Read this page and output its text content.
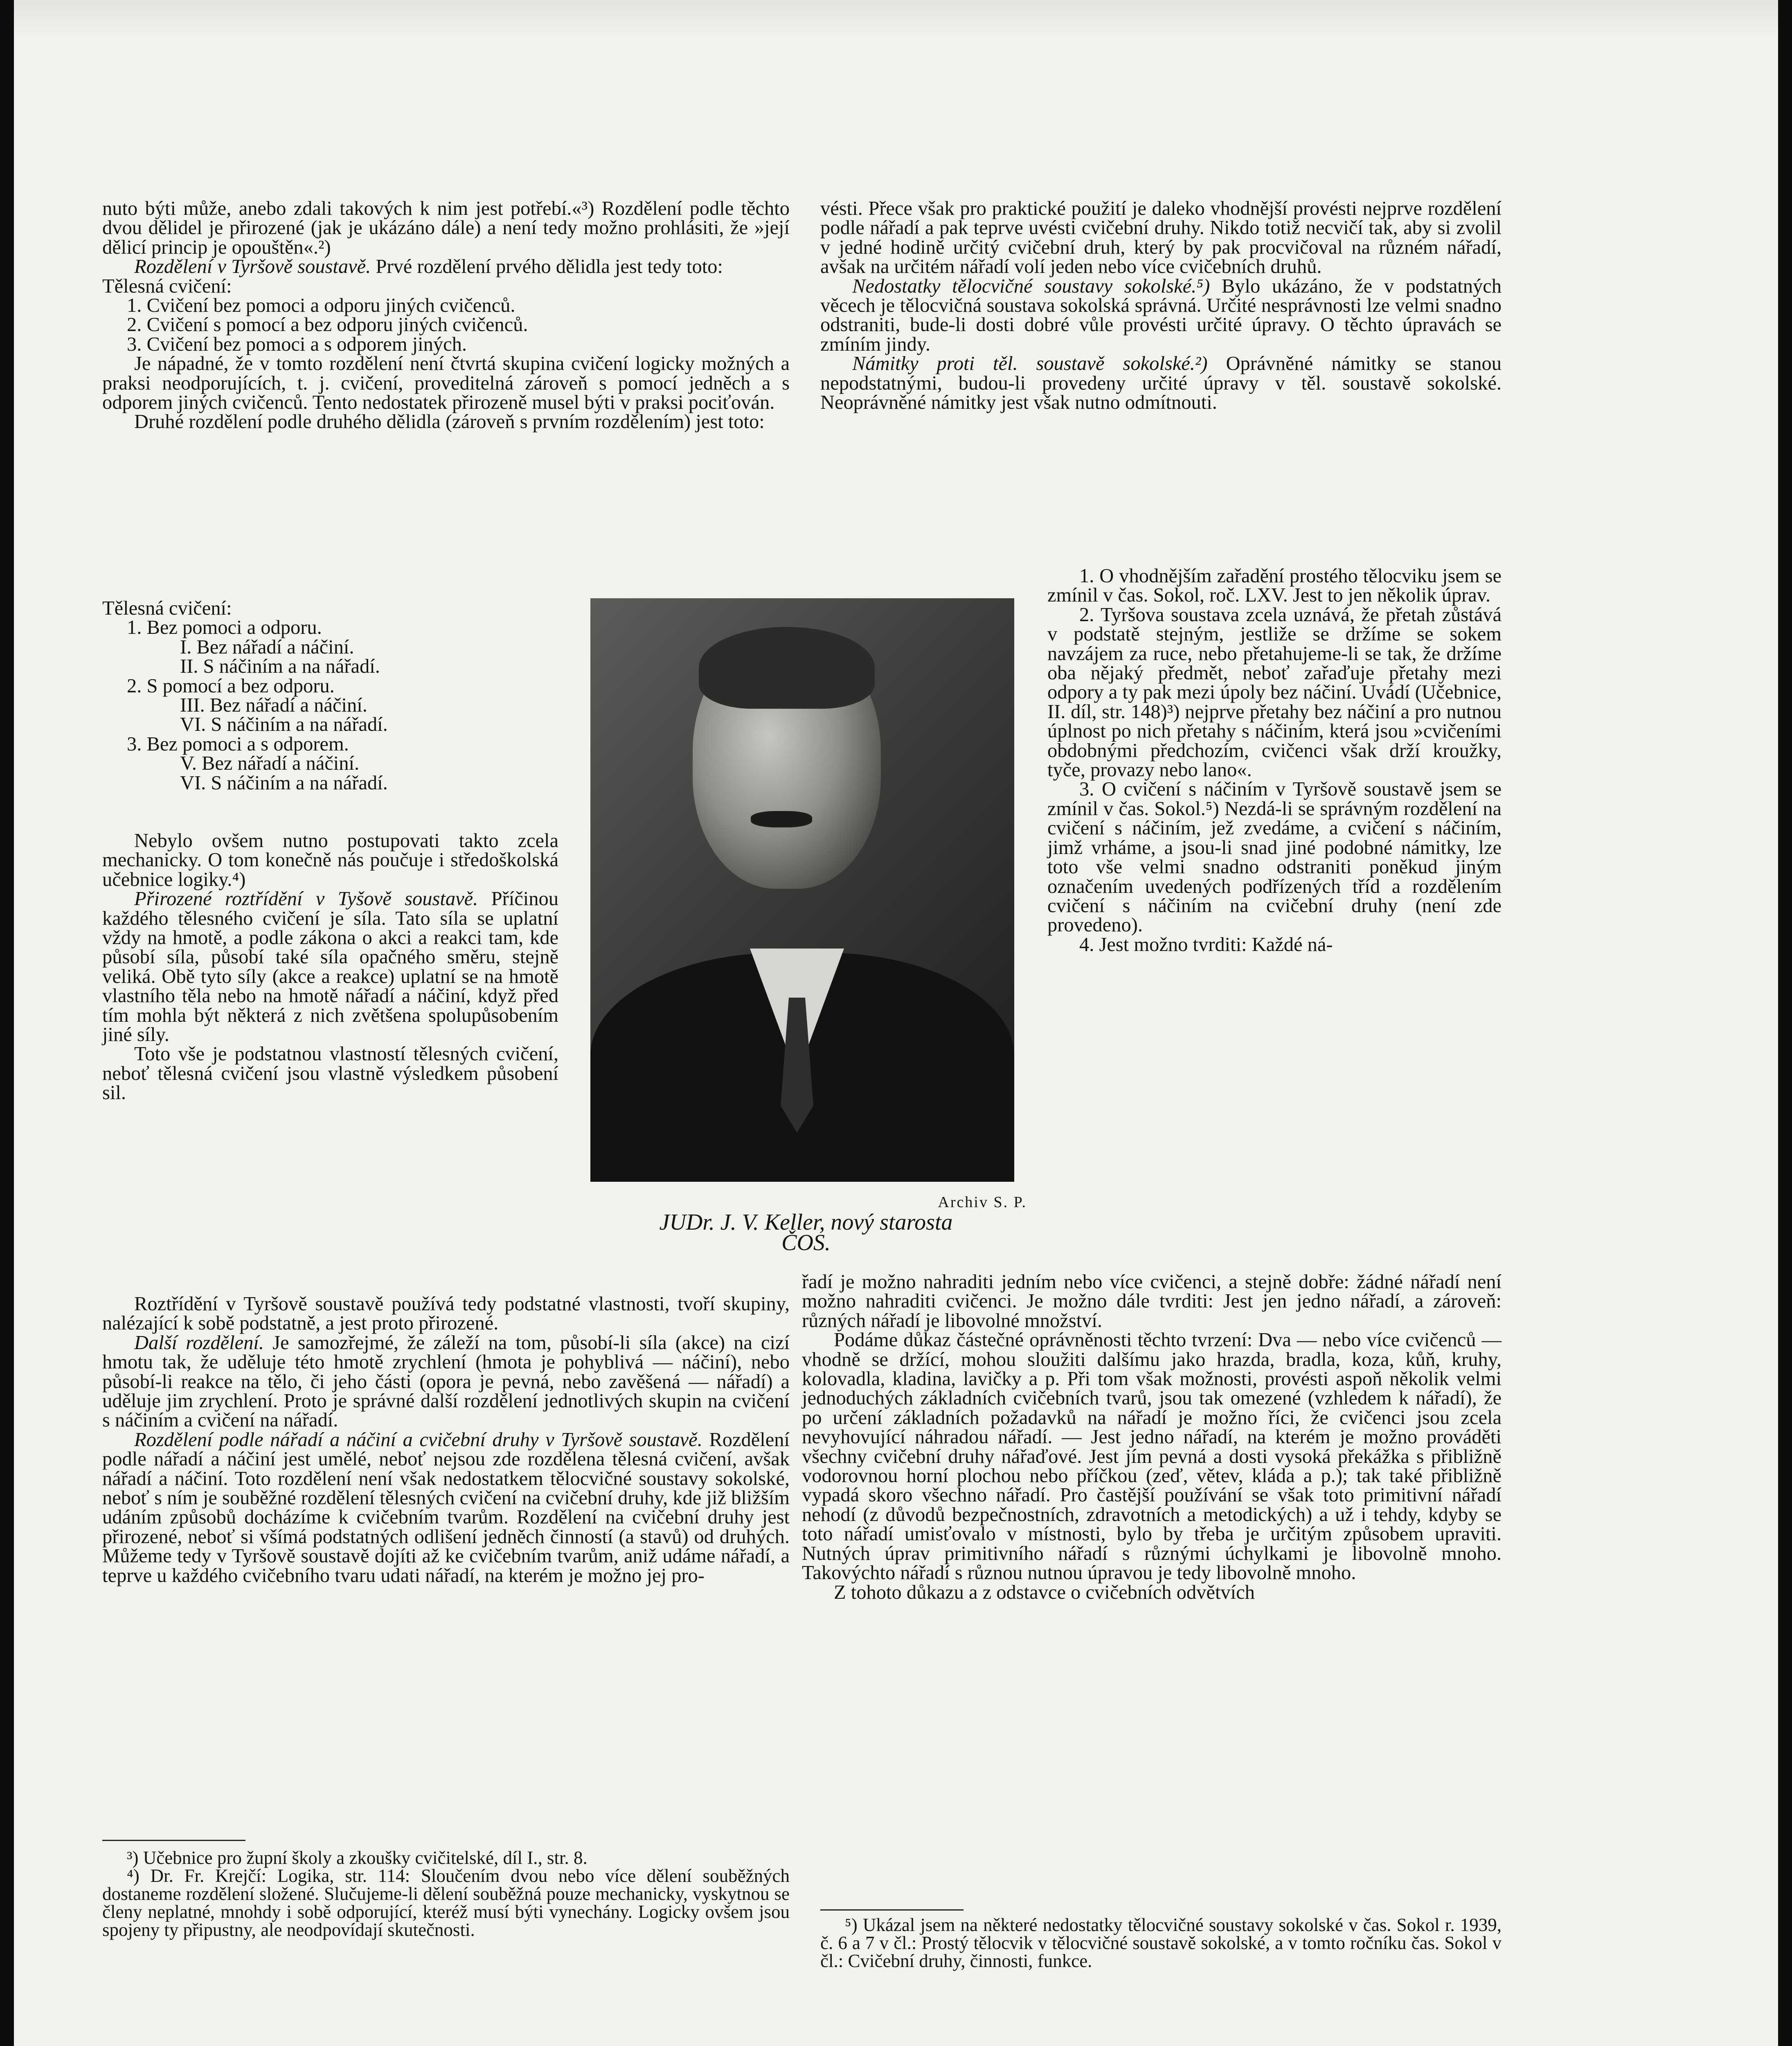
nuto býti může, anebo zdali takových k nim jest potřebí.«³) Rozdělení podle těchto dvou dělidel je přirozené (jak je ukázáno dále) a není tedy možno prohlásiti, že »její dělicí princip je opouštěn«.²)

Rozdělení v Tyršově soustavě. Prvé rozdělení prvého dělidla jest tedy toto:

Tělesná cvičení:

1. Cvičení bez pomoci a odporu jiných cvičenců.

2. Cvičení s pomocí a bez odporu jiných cvičenců.

3. Cvičení bez pomoci a s odporem jiných.

Je nápadné, že v tomto rozdělení není čtvrtá skupina cvičení logicky možných a praksi neodporujících, t. j. cvičení, proveditelná zároveň s pomocí jedněch a s odporem jiných cvičenců. Tento nedostatek přirozeně musel býti v praksi pociťován.

Druhé rozdělení podle druhého dělidla (zároveň s prvním rozdělením) jest toto:

Tělesná cvičení:

1. Bez pomoci a odporu.

I. Bez nářadí a náčiní.

II. S náčiním a na nářadí.

2. S pomocí a bez odporu.

III. Bez nářadí a náčiní.

VI. S náčiním a na nářadí.

3. Bez pomoci a s odporem.

V. Bez nářadí a náčiní.

VI. S náčiním a na nářadí.

Nebylo ovšem nutno postupovati takto zcela mechanicky. O tom konečně nás poučuje i středoškolská učebnice logiky.⁴)

Přirozené roztřídění v Tyšově soustavě. Příčinou každého tělesného cvičení je síla. Tato síla se uplatní vždy na hmotě, a podle zákona o akci a reakci tam, kde působí síla, působí také síla opačného směru, stejně veliká. Obě tyto síly (akce a reakce) uplatní se na hmotě vlastního těla nebo na hmotě nářadí a náčiní, když před tím mohla být některá z nich zvětšena spolupůsobením jiné síly.

Toto vše je podstatnou vlastností tělesných cvičení, neboť tělesná cvičení jsou vlastně výsledkem působení sil.

Archiv S. P.
JUDr. J. V. Keller, nový starosta
ČOS.

Roztřídění v Tyršově soustavě používá tedy podstatné vlastnosti, tvoří skupiny, nalézající k sobě podstatně, a jest proto přirozené.

Další rozdělení. Je samozřejmé, že záleží na tom, působí-li síla (akce) na cizí hmotu tak, že uděluje této hmotě zrychlení (hmota je pohyblivá — náčiní), nebo působí-li reakce na tělo, či jeho části (opora je pevná, nebo zavěšená — nářadí) a uděluje jim zrychlení. Proto je správné další rozdělení jednotlivých skupin na cvičení s náčiním a cvičení na nářadí.

Rozdělení podle nářadí a náčiní a cvičební druhy v Tyršově soustavě. Rozdělení podle nářadí a náčiní jest umělé, neboť nejsou zde rozdělena tělesná cvičení, avšak nářadí a náčiní. Toto rozdělení není však nedostatkem tělocvičné soustavy sokolské, neboť s ním je souběžné rozdělení tělesných cvičení na cvičební druhy, kde již bližším udáním způsobů docházíme k cvičebním tvarům. Rozdělení na cvičební druhy jest přirozené, neboť si všímá podstatných odlišení jedněch činností (a stavů) od druhých. Můžeme tedy v Tyršově soustavě dojíti až ke cvičebním tvarům, aniž udáme nářadí, a teprve u každého cvičebního tvaru udati nářadí, na kterém je možno jej pro-

vésti. Přece však pro praktické použití je daleko vhodnější provésti nejprve rozdělení podle nářadí a pak teprve uvésti cvičební druhy. Nikdo totiž necvičí tak, aby si zvolil v jedné hodině určitý cvičební druh, který by pak procvičoval na různém nářadí, avšak na určitém nářadí volí jeden nebo více cvičebních druhů.

Nedostatky tělocvičné soustavy sokolské.⁵) Bylo ukázáno, že v podstatných věcech je tělocvičná soustava sokolská správná. Určité nesprávnosti lze velmi snadno odstraniti, bude-li dosti dobré vůle provésti určité úpravy. O těchto úpravách se zmíním jindy.

Námitky proti těl. soustavě sokolské.²) Oprávněné námitky se stanou nepodstatnými, budou-li provedeny určité úpravy v těl. soustavě sokolské. Neoprávněné námitky jest však nutno odmítnouti.

1. O vhodnějším zařadění prostého tělocviku jsem se zmínil v čas. Sokol, roč. LXV. Jest to jen několik úprav.

2. Tyršova soustava zcela uznává, že přetah zůstává v podstatě stejným, jestliže se držíme se sokem navzájem za ruce, nebo přetahujeme-li se tak, že držíme oba nějaký předmět, neboť zařaďuje přetahy mezi odpory a ty pak mezi úpoly bez náčiní. Uvádí (Učebnice, II. díl, str. 148)³) nejprve přetahy bez náčiní a pro nutnou úplnost po nich přetahy s náčiním, která jsou »cvičeními obdobnými předchozím, cvičenci však drží kroužky, tyče, provazy nebo lano«.

3. O cvičení s náčiním v Tyršově soustavě jsem se zmínil v čas. Sokol.⁵) Nezdá-li se správným rozdělení na cvičení s náčiním, jež zvedáme, a cvičení s náčiním, jimž vrháme, a jsou-li snad jiné podobné námitky, lze toto vše velmi snadno odstraniti poněkud jiným označením uvedených podřízených tříd a rozdělením cvičení s náčiním na cvičební druhy (není zde provedeno).

4. Jest možno tvrditi: Každé ná-

řadí je možno nahraditi jedním nebo více cvičenci, a stejně dobře: žádné nářadí není možno nahraditi cvičenci. Je možno dále tvrditi: Jest jen jedno nářadí, a zároveň: různých nářadí je libovolné množství.

Podáme důkaz částečné oprávněnosti těchto tvrzení: Dva — nebo více cvičenců — vhodně se držící, mohou sloužiti dalšímu jako hrazda, bradla, koza, kůň, kruhy, kolovadla, kladina, lavičky a p. Při tom však možnosti, provésti aspoň několik velmi jednoduchých základních cvičebních tvarů, jsou tak omezené (vzhledem k nářadí), že po určení základních požadavků na nářadí je možno říci, že cvičenci jsou zcela nevyhovující náhradou nářadí. — Jest jedno nářadí, na kterém je možno prováděti všechny cvičební druhy nářaďové. Jest jím pevná a dosti vysoká překážka s přibližně vodorovnou horní plochou nebo příčkou (zeď, větev, kláda a p.); tak také přibližně vypadá skoro všechno nářadí. Pro častější používání se však toto primitivní nářadí nehodí (z důvodů bezpečnostních, zdravotních a metodických) a už i tehdy, kdyby se toto nářadí umisťovalo v místnosti, bylo by třeba je určitým způsobem upraviti. Nutných úprav primitivního nářadí s různými úchylkami je libovolně mnoho. Takovýchto nářadí s různou nutnou úpravou je tedy libovolně mnoho.

Z tohoto důkazu a z odstavce o cvičebních odvětvích

³) Učebnice pro župní školy a zkoušky cvičitelské, díl I., str. 8.

⁴) Dr. Fr. Krejčí: Logika, str. 114: Sloučením dvou nebo více dělení souběžných dostaneme rozdělení složené. Slučujeme-li dělení souběžná pouze mechanicky, vyskytnou se členy neplatné, mnohdy i sobě odporující, kteréž musí býti vynechány. Logicky ovšem jsou spojeny ty připustny, ale neodpovídají skutečnosti.	⁵) Ukázal jsem na některé nedostatky tělocvičné soustavy sokolské v čas. Sokol r. 1939, č. 6 a 7 v čl.: Prostý tělocvik v tělocvičné soustavě sokolské, a v tomto ročníku čas. Sokol v čl.: Cvičební druhy, činnosti, funkce.
